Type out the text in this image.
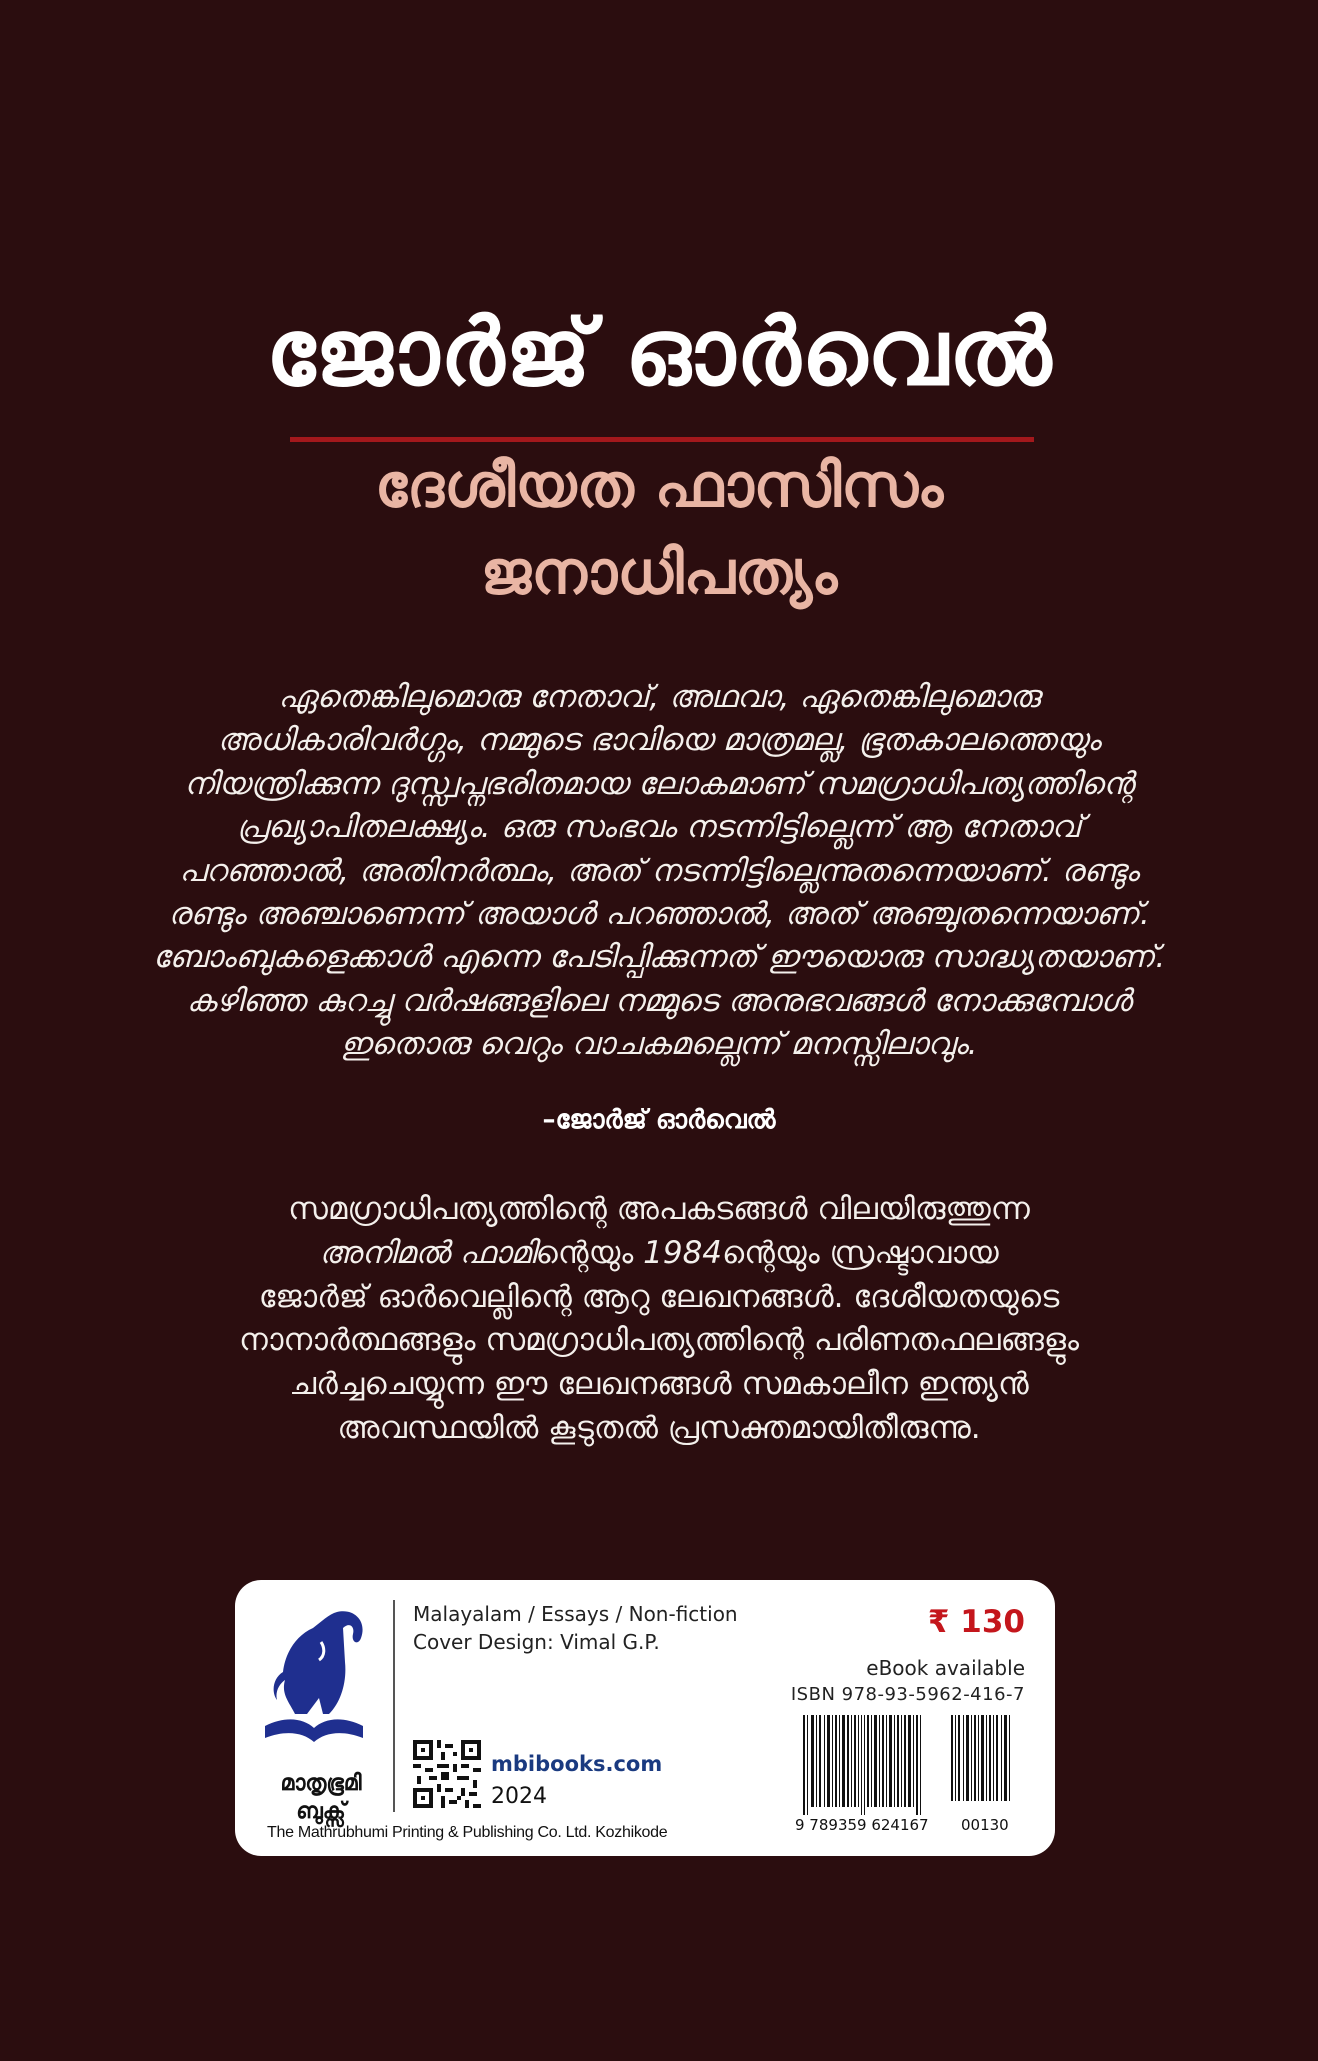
ജോർജ് ഓർവെൽ
ദേശീയത ഫാസിസം
ജനാധിപത്യം
ഏതെങ്കിലുമൊരു നേതാവ്, അഥവാ, ഏതെങ്കിലുമൊരു
അധികാരിവർഗ്ഗം, നമ്മുടെ ഭാവിയെ മാത്രമല്ല, ഭൂതകാലത്തെയും
നിയന്ത്രിക്കുന്ന ദുസ്സ്വപ്നഭരിതമായ ലോകമാണ് സമഗ്രാധിപത്യത്തിന്റെ
പ്രഖ്യാപിതലക്ഷ്യം. ഒരു സംഭവം നടന്നിട്ടില്ലെന്ന് ആ നേതാവ്
പറഞ്ഞാൽ, അതിനർത്ഥം, അത് നടന്നിട്ടില്ലെന്നുതന്നെയാണ്. രണ്ടും
രണ്ടും അഞ്ചാണെന്ന് അയാൾ പറഞ്ഞാൽ, അത് അഞ്ചുതന്നെയാണ്.
ബോംബുകളെക്കാൾ എന്നെ പേടിപ്പിക്കുന്നത് ഈയൊരു സാദ്ധ്യതയാണ്.
കഴിഞ്ഞ കുറച്ചു വർഷങ്ങളിലെ നമ്മുടെ അനുഭവങ്ങൾ നോക്കുമ്പോൾ
ഇതൊരു വെറും വാചകമല്ലെന്ന് മനസ്സിലാവും.
–ജോർജ് ഓർവെൽ
സമഗ്രാധിപത്യത്തിന്റെ അപകടങ്ങൾ വിലയിരുത്തുന്ന
അനിമൽ ഫാമിന്റെയും 1984ന്റെയും സ്രഷ്ടാവായ
ജോർജ് ഓർവെല്ലിന്റെ ആറു ലേഖനങ്ങൾ. ദേശീയതയുടെ
നാനാർത്ഥങ്ങളും സമഗ്രാധിപത്യത്തിന്റെ പരിണതഫലങ്ങളും
ചർച്ചചെയ്യുന്ന ഈ ലേഖനങ്ങൾ സമകാലീന ഇന്ത്യൻ
അവസ്ഥയിൽ കൂടുതൽ പ്രസക്തമായിതീരുന്നു.
മാതൃഭൂമി
ബുക്സ്
The Mathrubhumi Printing & Publishing Co. Ltd. Kozhikode
Malayalam / Essays / Non-fiction
Cover Design: Vimal G.P.
mbibooks.com
2024
₹ 130
eBook available
ISBN 978-93-5962-416-7
9 789359 624167 00130
